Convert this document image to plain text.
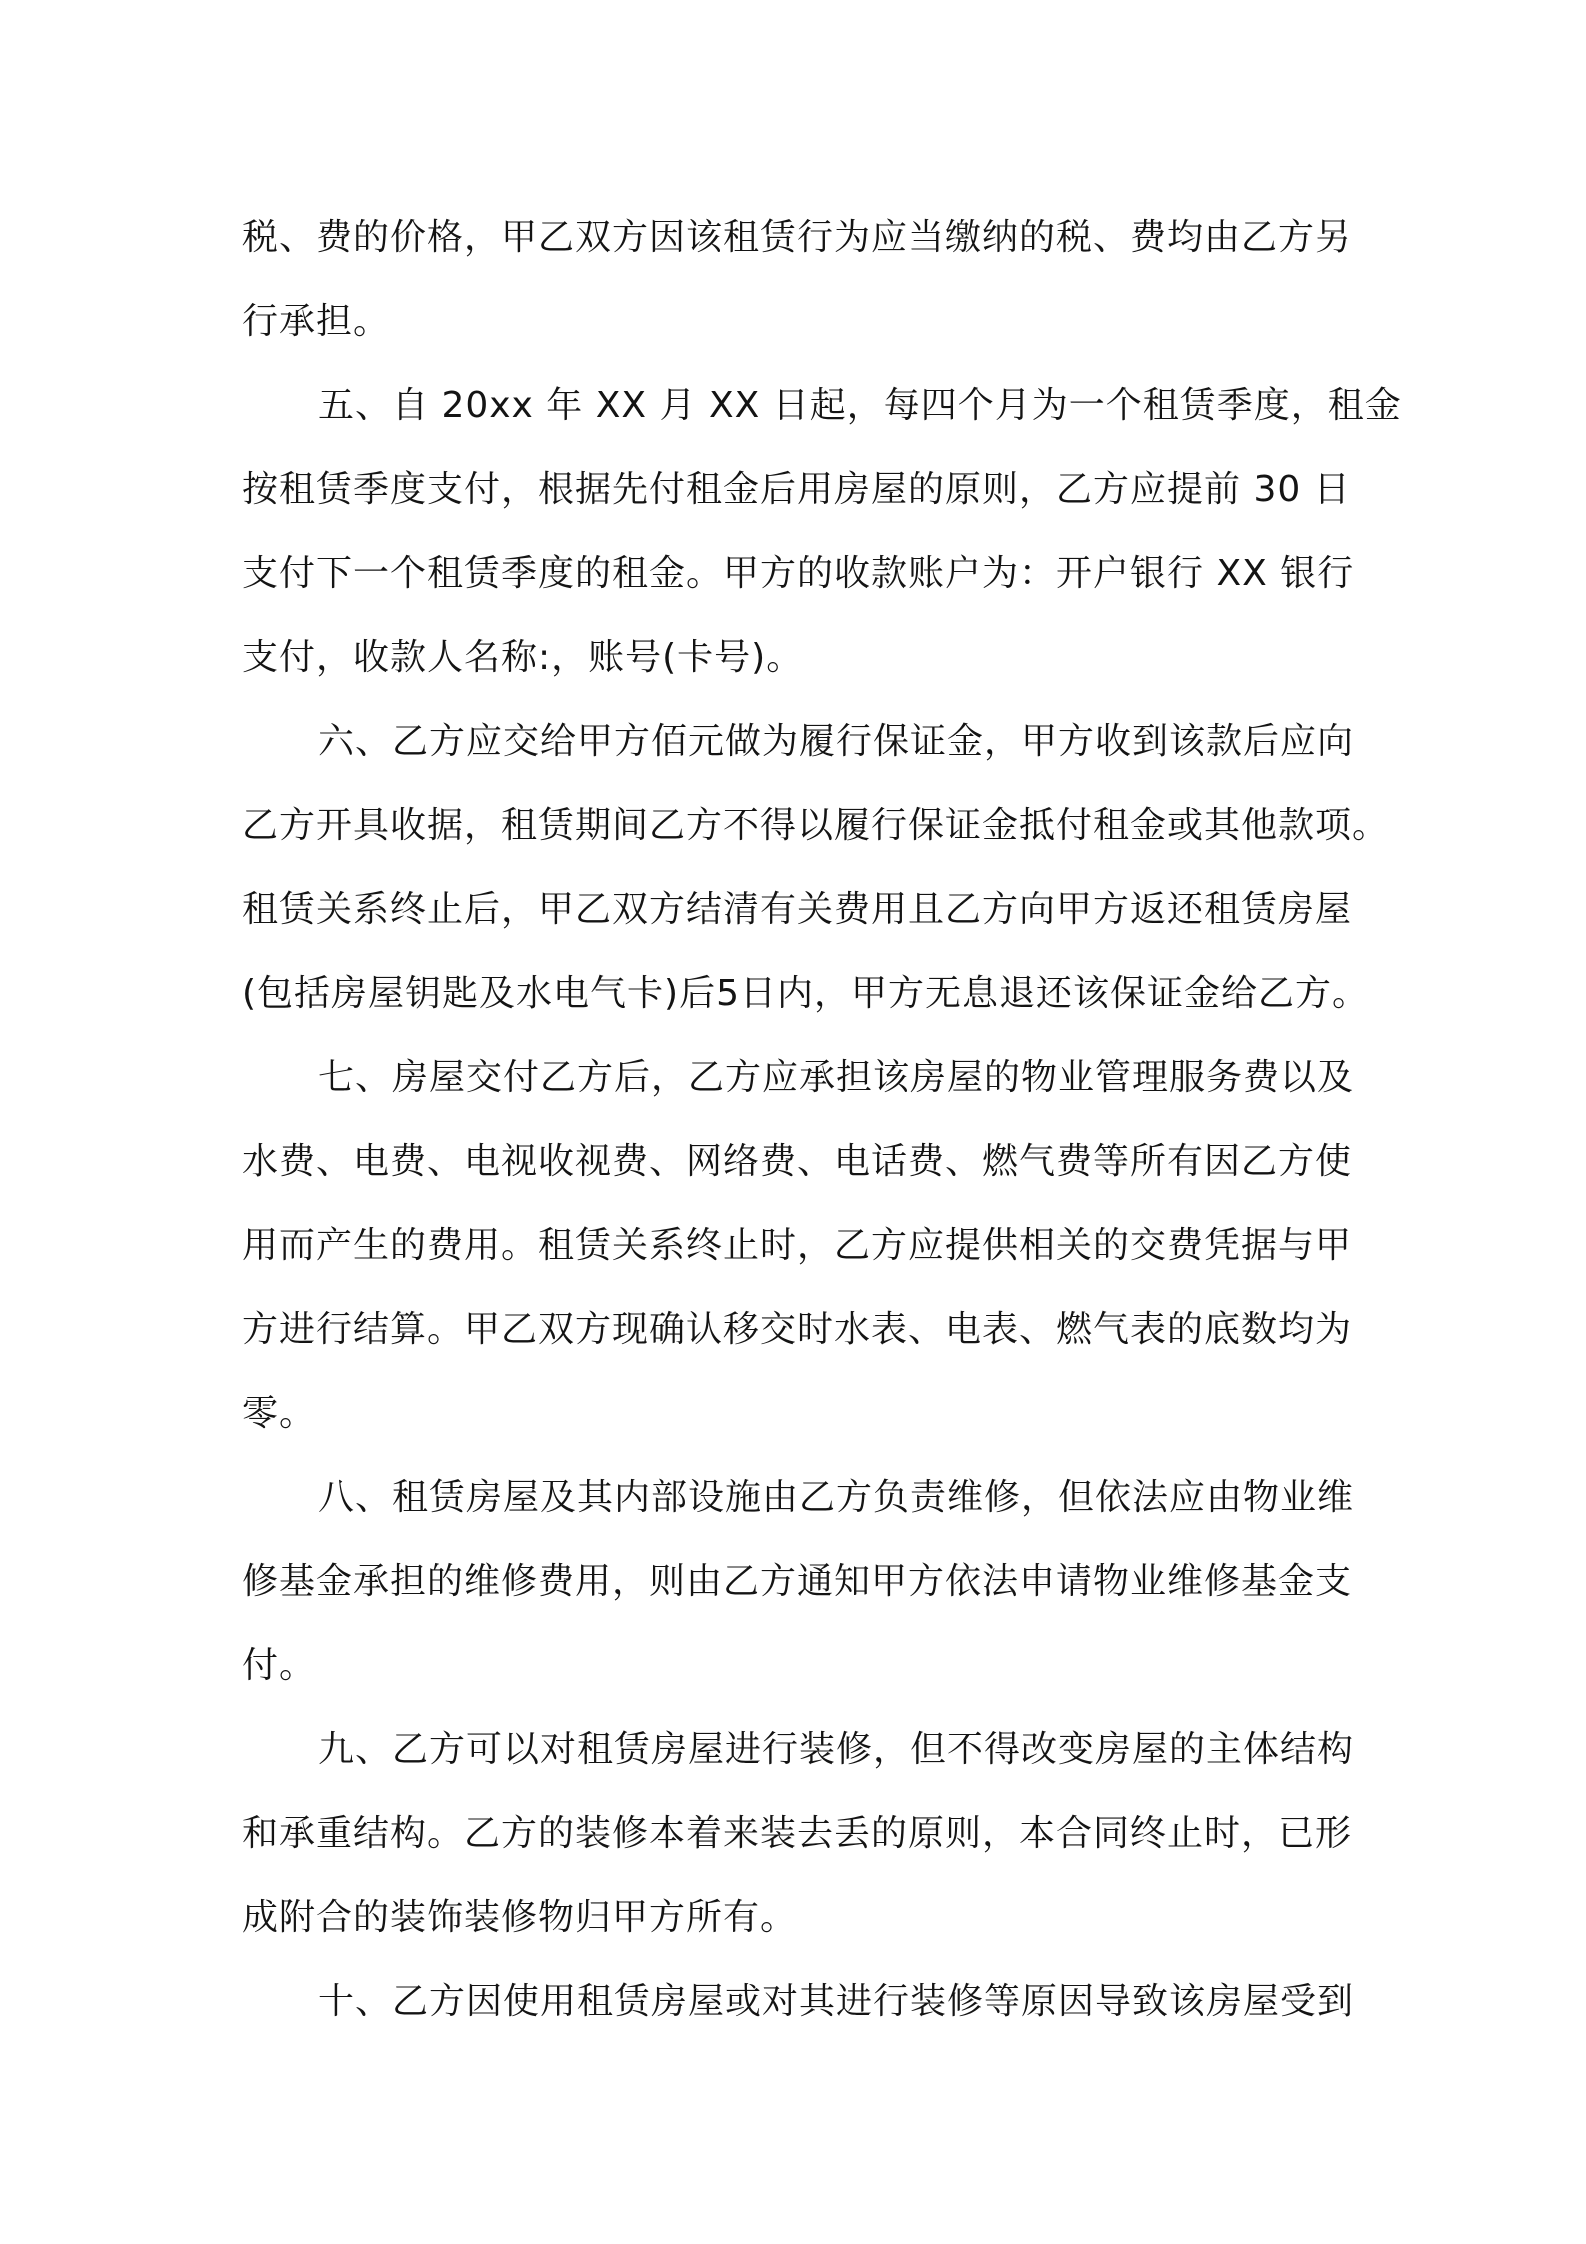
税、费的价格，甲乙双方因该租赁行为应当缴纳的税、费均由乙方另
行承担。
五、自 20xx 年 XX 月 XX 日起，每四个月为一个租赁季度，租金
按租赁季度支付，根据先付租金后用房屋的原则，乙方应提前 30 日
支付下一个租赁季度的租金。甲方的收款账户为：开户银行 XX 银行
支付，收款人名称:，账号(卡号)。
六、乙方应交给甲方佰元做为履行保证金，甲方收到该款后应向
乙方开具收据，租赁期间乙方不得以履行保证金抵付租金或其他款项。
租赁关系终止后，甲乙双方结清有关费用且乙方向甲方返还租赁房屋
(包括房屋钥匙及水电气卡)后5日内，甲方无息退还该保证金给乙方。
七、房屋交付乙方后，乙方应承担该房屋的物业管理服务费以及
水费、电费、电视收视费、网络费、电话费、燃气费等所有因乙方使
用而产生的费用。租赁关系终止时，乙方应提供相关的交费凭据与甲
方进行结算。甲乙双方现确认移交时水表、电表、燃气表的底数均为
零。
八、租赁房屋及其内部设施由乙方负责维修，但依法应由物业维
修基金承担的维修费用，则由乙方通知甲方依法申请物业维修基金支
付。
九、乙方可以对租赁房屋进行装修，但不得改变房屋的主体结构
和承重结构。乙方的装修本着来装去丢的原则，本合同终止时，已形
成附合的装饰装修物归甲方所有。
十、乙方因使用租赁房屋或对其进行装修等原因导致该房屋受到
